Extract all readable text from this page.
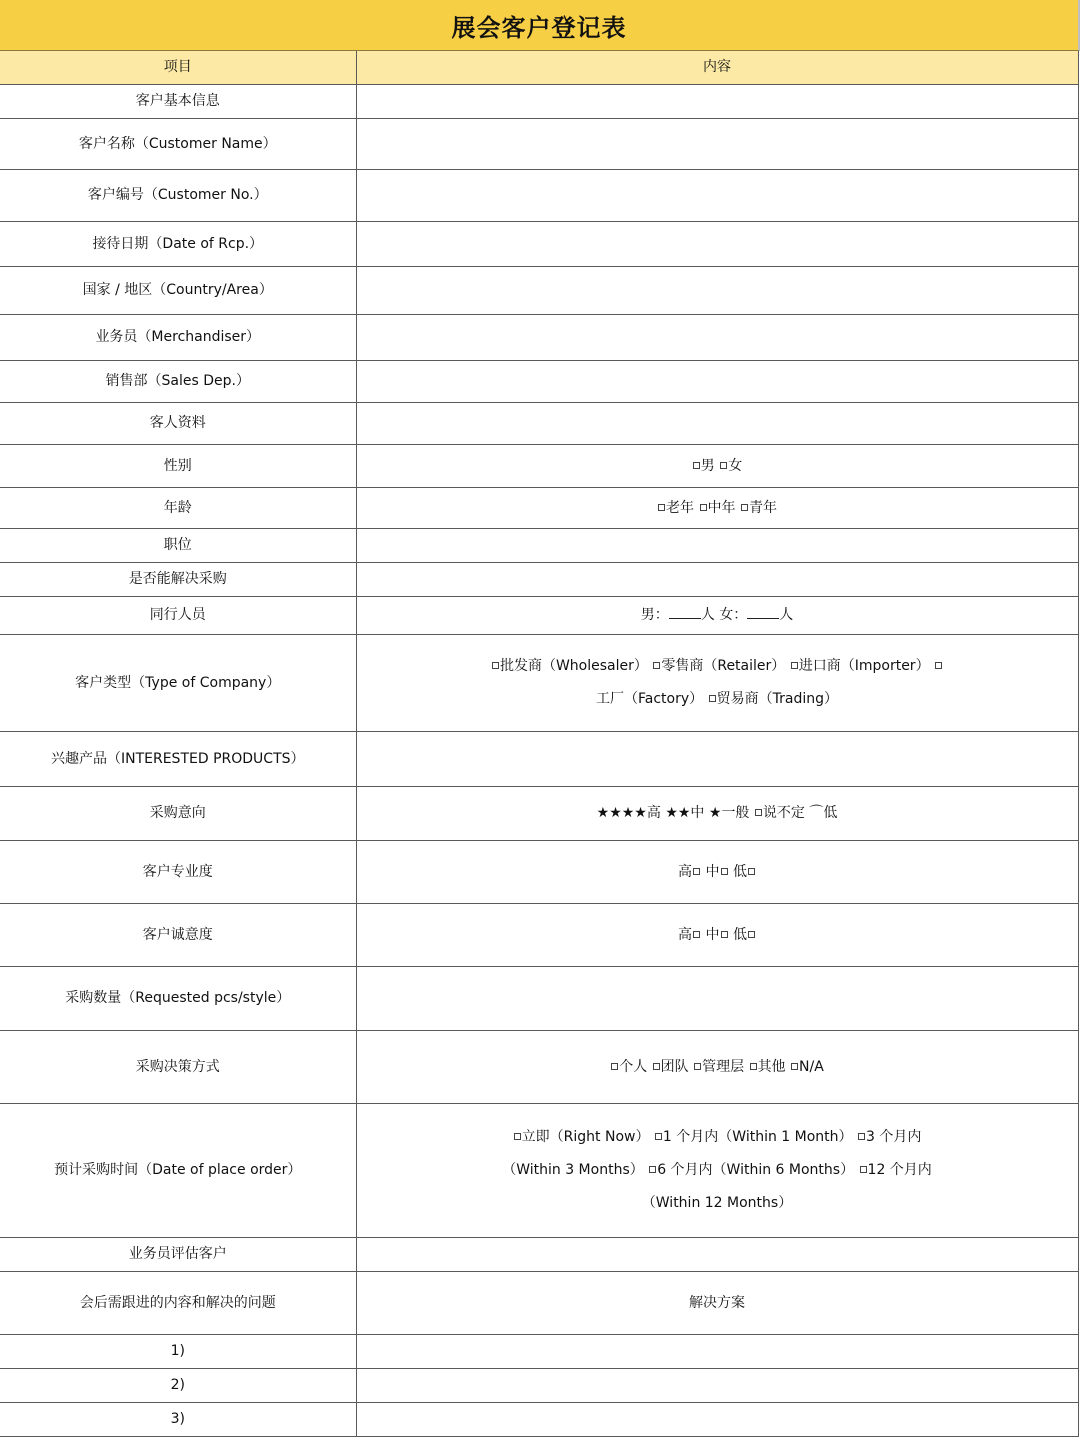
展会客户登记表
项目	内容
客户基本信息	
客户名称（Customer Name）	
客户编号（Customer No.）	
接待日期（Date of Rcp.）	
国家 / 地区（Country/Area）	
业务员（Merchandiser）	
销售部（Sales Dep.）	
客人资料	
性别	男 女
年龄	老年 中年 青年
职位	
是否能解决采购	
同行人员	男： 人 女： 人
客户类型（Type of Company）	批发商（Wholesaler） 零售商（Retailer） 进口商（Importer）
工厂（Factory） 贸易商（Trading）

兴趣产品（INTERESTED PRODUCTS）	
采购意向	★★★★高 ★★中 ★一般 说不定 ⌒低
客户专业度	高 中 低
客户诚意度	高 中 低
采购数量（Requested pcs/style）	
采购决策方式	个人 团队 管理层 其他 N/A
预计采购时间（Date of place order）	立即（Right Now） 1 个月内（Within 1 Month） 3 个月内
（Within 3 Months） 6 个月内（Within 6 Months） 12 个月内
（Within 12 Months）

业务员评估客户	
会后需跟进的内容和解决的问题	解决方案
1)	
2)	
3)	
